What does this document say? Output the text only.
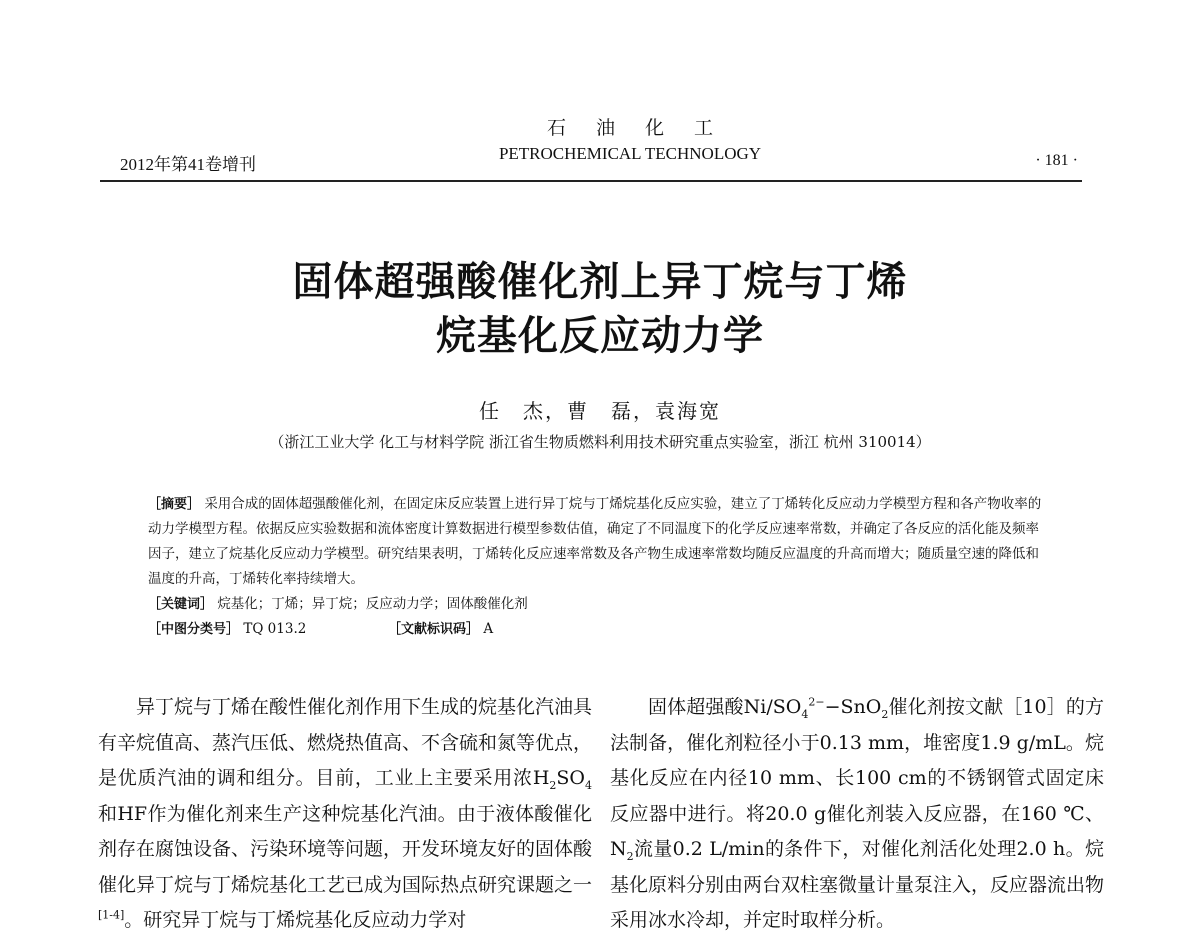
石油化工
PETROCHEMICAL TECHNOLOGY
2012年第41卷增刊	· 181 ·
固体超强酸催化剂上异丁烷与丁烯
烷基化反应动力学
任　杰，曹　磊，袁海宽
（浙江工业大学 化工与材料学院 浙江省生物质燃料利用技术研究重点实验室，浙江 杭州 310014）

［摘要］ 采用合成的固体超强酸催化剂，在固定床反应装置上进行异丁烷与丁烯烷基化反应实验，建立了丁烯转化反应动力学模型方程和各产物收率的动力学模型方程。依据反应实验数据和流体密度计算数据进行模型参数估值，确定了不同温度下的化学反应速率常数，并确定了各反应的活化能及频率因子，建立了烷基化反应动力学模型。研究结果表明，丁烯转化反应速率常数及各产物生成速率常数均随反应温度的升高而增大；随质量空速的降低和温度的升高，丁烯转化率持续增大。

［关键词］ 烷基化；丁烯；异丁烷；反应动力学；固体酸催化剂

［中图分类号］ TQ 013.2	［文献标识码］ A

异丁烷与丁烯在酸性催化剂作用下生成的烷基化汽油具有辛烷值高、蒸汽压低、燃烧热值高、不含硫和氮等优点，是优质汽油的调和组分。目前，工业上主要采用浓$H_2SO_4$和HF作为催化剂来生产这种烷基化汽油。由于液体酸催化剂存在腐蚀设备、污染环境等问题，开发环境友好的固体酸催化异丁烷与丁烯烷基化工艺已成为国际热点研究课题之一[1-4]。研究异丁烷与丁烯烷基化反应动力学对

固体超强酸$Ni/SO_4^{2-}-SnO_2$催化剂按文献［10］的方法制备，催化剂粒径小于0.13 mm，堆密度1.9 g/mL。烷基化反应在内径10 mm、长100 cm的不锈钢管式固定床反应器中进行。将20.0 g催化剂装入反应器，在160 ℃、$N_2$流量0.2 L/min的条件下，对催化剂活化处理2.0 h。烷基化原料分别由两台双柱塞微量计量泵注入，反应器流出物采用冰水冷却，并定时取样分析。
